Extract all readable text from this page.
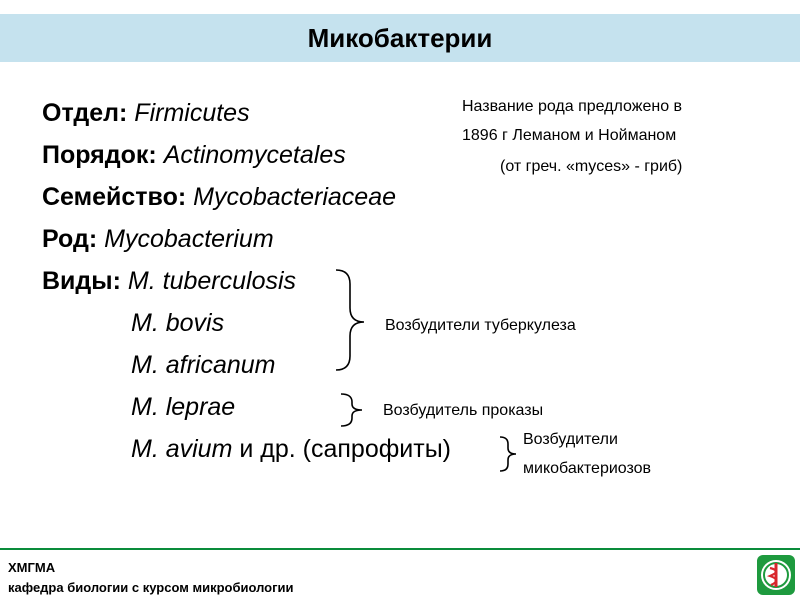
Микобактерии
Отдел: Firmicutes
Порядок: Actinomycetales
Семейство: Mycobacteriaceae
Род: Mycobacterium
Виды: M. tuberculosis
M. bovis
M. africanum
M. leprae
M. avium и др. (сапрофиты)
Название рода предложено в
1896 г Леманом и Нойманом
(от греч. «myces» - гриб)
Возбудители туберкулеза
Возбудитель проказы
Возбудители
микобактериозов
ХМГМА
кафедра биологии с курсом микробиологии
